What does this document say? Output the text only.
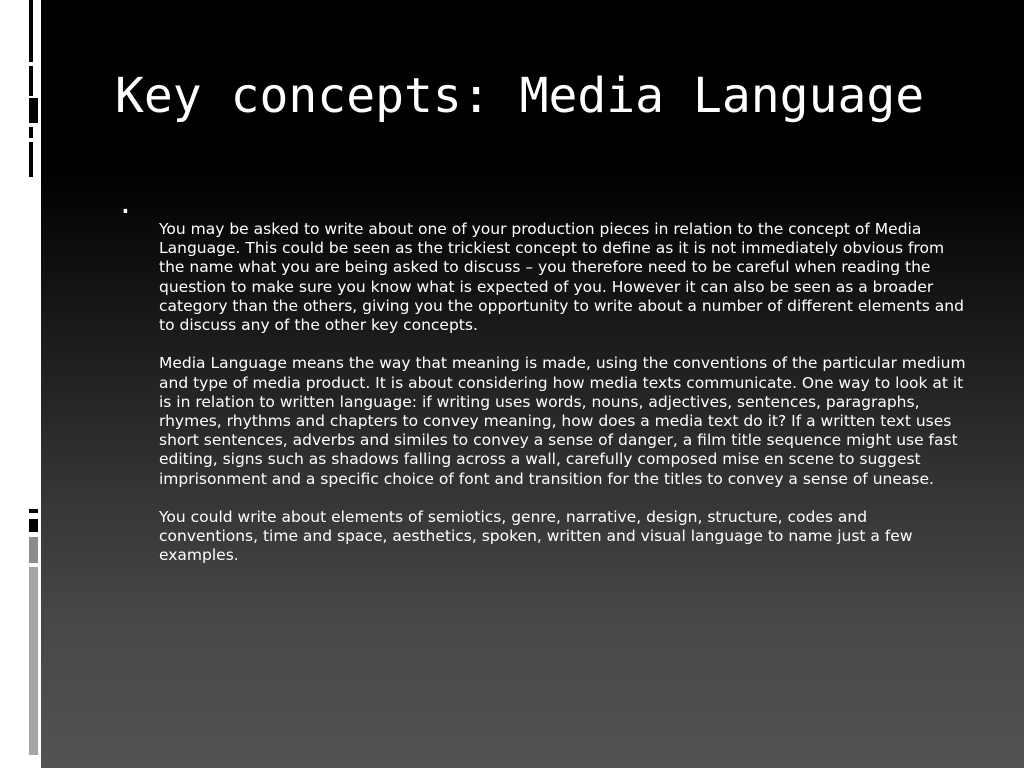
Key concepts: Media Language
.

You may be asked to write about one of your production pieces in relation to the concept of Media Language. This could be seen as the trickiest concept to define as it is not immediately obvious from the name what you are being asked to discuss – you therefore need to be careful when reading the question to make sure you know what is expected of you. However it can also be seen as a broader category than the others, giving you the opportunity to write about a number of different elements and to discuss any of the other key concepts.

Media Language means the way that meaning is made, using the conventions of the particular medium and type of media product. It is about considering how media texts communicate. One way to look at it is in relation to written language: if writing uses words, nouns, adjectives, sentences, paragraphs, rhymes, rhythms and chapters to convey meaning, how does a media text do it? If a written text uses short sentences, adverbs and similes to convey a sense of danger, a film title sequence might use fast editing, signs such as shadows falling across a wall, carefully composed mise en scene to suggest imprisonment and a specific choice of font and transition for the titles to convey a sense of unease.

You could write about elements of semiotics, genre, narrative, design, structure, codes and conventions, time and space, aesthetics, spoken, written and visual language to name just a few examples.
